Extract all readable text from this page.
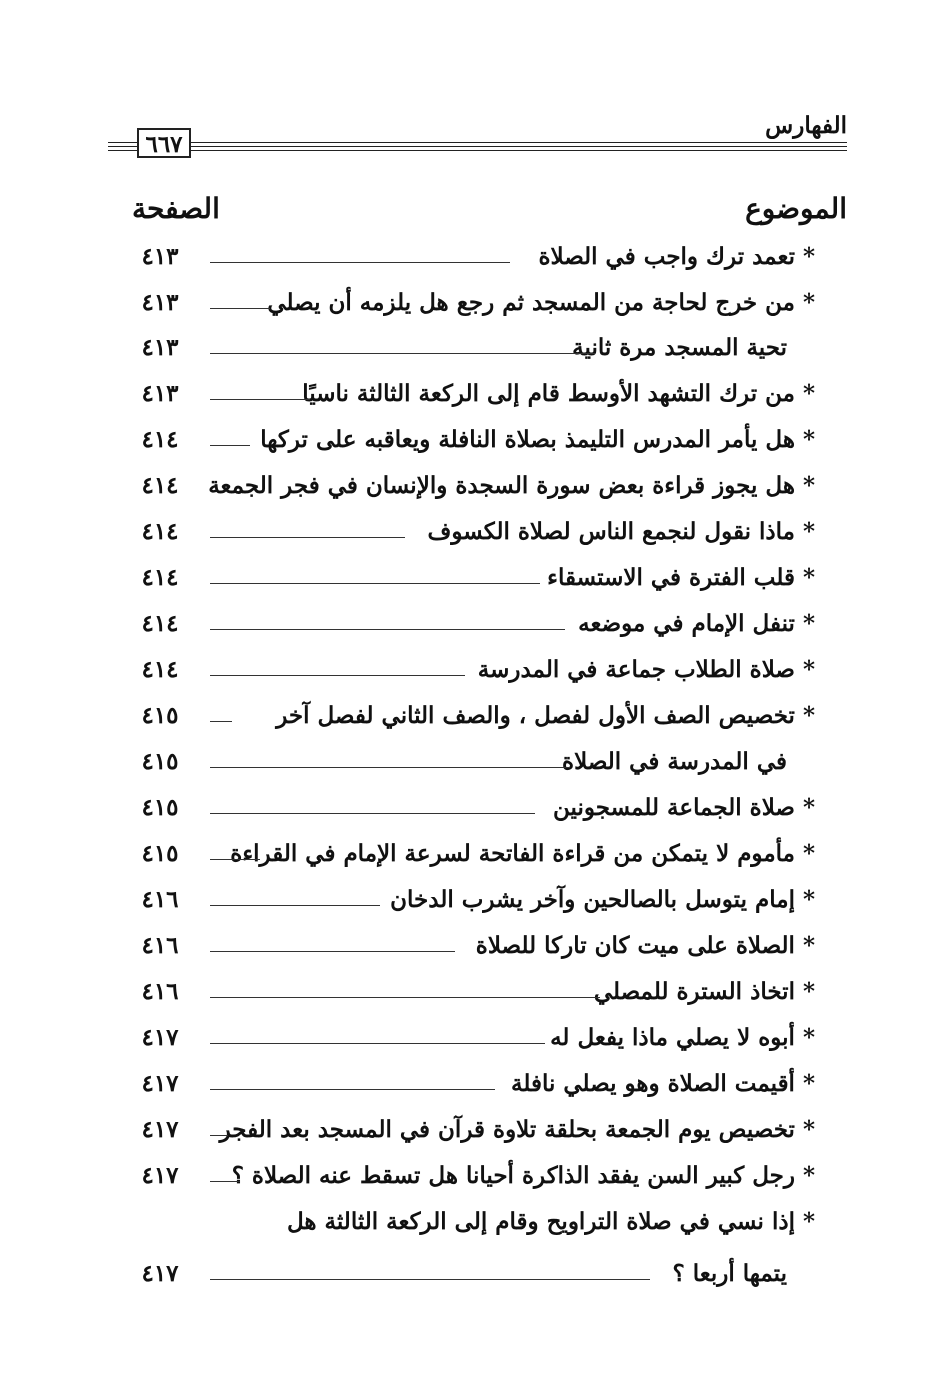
الفهارس
٦٦٧
الموضوع
الصفحة
* تعمد ترك واجب في الصلاة
٤١٣
* من خرج لحاجة من المسجد ثم رجع هل يلزمه أن يصلي
٤١٣
تحية المسجد مرة ثانية
٤١٣
* من ترك التشهد الأوسط قام إلى الركعة الثالثة ناسيًا
٤١٣
* هل يأمر المدرس التليمذ بصلاة النافلة ويعاقبه على تركها
٤١٤
* هل يجوز قراءة بعض سورة السجدة والإنسان في فجر الجمعة
٤١٤
* ماذا نقول لنجمع الناس لصلاة الكسوف
٤١٤
* قلب الفترة في الاستسقاء
٤١٤
* تنفل الإمام في موضعه
٤١٤
* صلاة الطلاب جماعة في المدرسة
٤١٤
* تخصيص الصف الأول لفصل ، والصف الثاني لفصل آخر
٤١٥
في المدرسة في الصلاة
٤١٥
* صلاة الجماعة للمسجونين
٤١٥
* مأموم لا يتمكن من قراءة الفاتحة لسرعة الإمام في القراءة
٤١٥
* إمام يتوسل بالصالحين وآخر يشرب الدخان
٤١٦
* الصلاة على ميت كان تاركا للصلاة
٤١٦
* اتخاذ السترة للمصلي
٤١٦
* أبوه لا يصلي ماذا يفعل له
٤١٧
* أقيمت الصلاة وهو يصلي نافلة
٤١٧
* تخصيص يوم الجمعة بحلقة تلاوة قرآن في المسجد بعد الفجر
٤١٧
* رجل كبير السن يفقد الذاكرة أحيانا هل تسقط عنه الصلاة ؟
٤١٧
* إذا نسي في صلاة التراويح وقام إلى الركعة الثالثة هل
يتمها أربعا ؟
٤١٧
